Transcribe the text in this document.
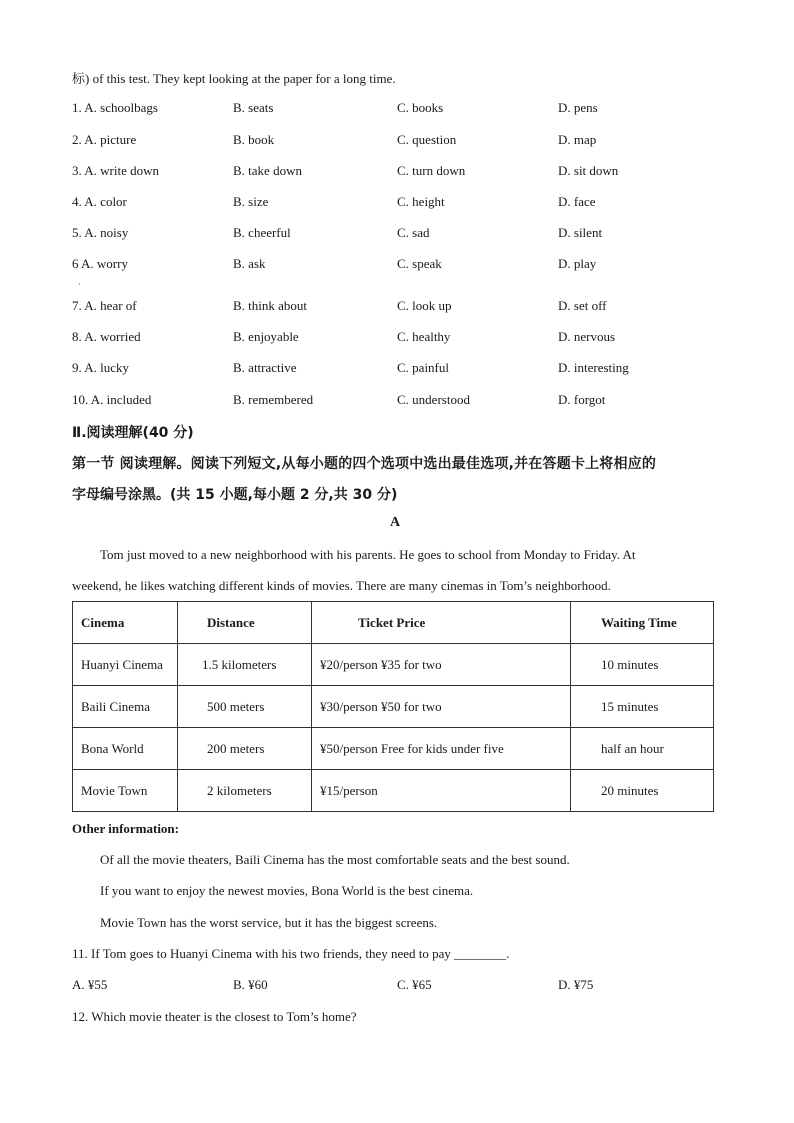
标) of this test. They kept looking at the paper for a long time.
1. A. schoolbags	B. seats	C. books	D. pens
2. A. picture	B. book	C. question	D. map
3. A. write down	B. take down	C. turn down	D. sit down
4. A. color	B. size	C. height	D. face
5. A. noisy	B. cheerful	C. sad	D. silent
6 A. worry	B. ask	C. speak	D. play
·
7. A. hear of	B. think about	C. look up	D. set off
8. A. worried	B. enjoyable	C. healthy	D. nervous
9. A. lucky	B. attractive	C. painful	D. interesting
10. A. included	B. remembered	C. understood	D. forgot
Ⅱ.阅读理解(40 分)
第一节 阅读理解。阅读下列短文,从每小题的四个选项中选出最佳选项,并在答题卡上将相应的
字母编号涂黑。(共 15 小题,每小题 2 分,共 30 分)
A
Tom just moved to a new neighborhood with his parents. He goes to school from Monday to Friday. At
weekend, he likes watching different kinds of movies. There are many cinemas in Tom’s neighborhood.
Cinema	Distance	Ticket Price	Waiting Time
Huanyi Cinema	1.5 kilometers	¥20/person ¥35 for two	10 minutes
Baili Cinema	500 meters	¥30/person ¥50 for two	15 minutes
Bona World	200 meters	¥50/person Free for kids under five	half an hour
Movie Town	2 kilometers	¥15/person	20 minutes
Other information:
Of all the movie theaters, Baili Cinema has the most comfortable seats and the best sound.
If you want to enjoy the newest movies, Bona World is the best cinema.
Movie Town has the worst service, but it has the biggest screens.
11. If Tom goes to Huanyi Cinema with his two friends, they need to pay ________.
A. ¥55	B. ¥60	C. ¥65	D. ¥75
12. Which movie theater is the closest to Tom’s home?
